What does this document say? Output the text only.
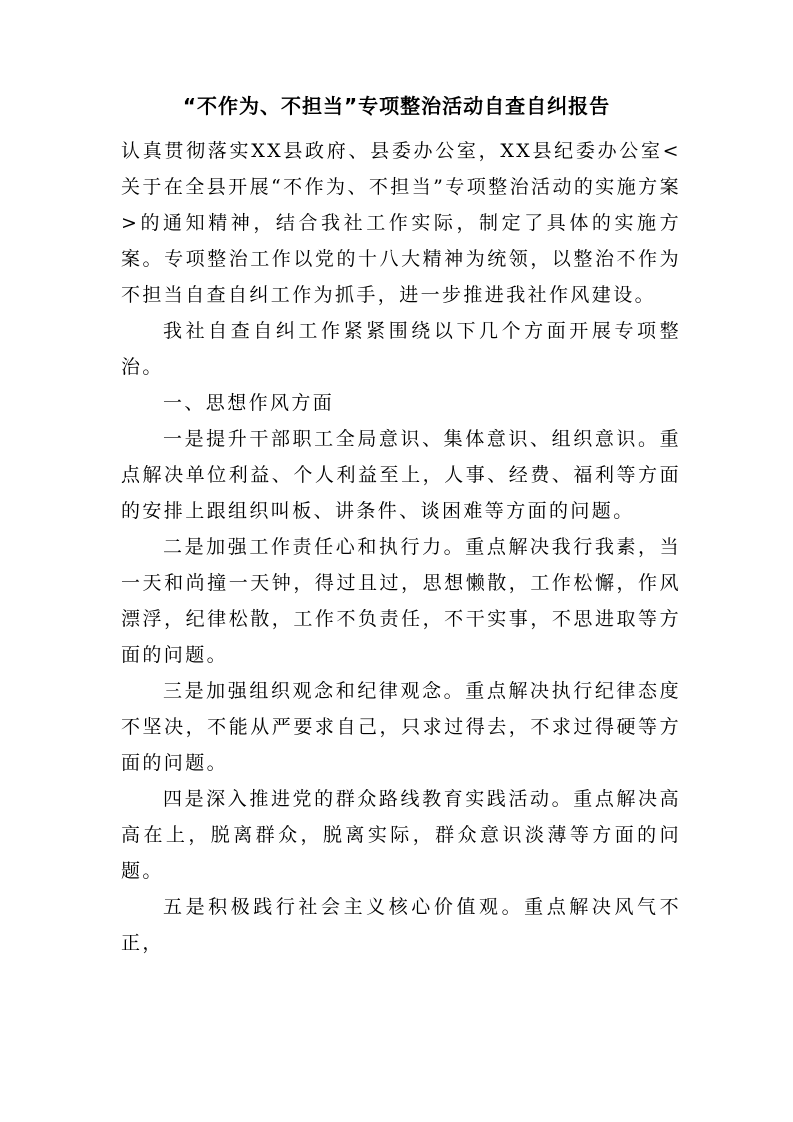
“不作为、不担当”专项整治活动自查自纠报告

认真贯彻落实XX县政府、县委办公室，XX县纪委办公室<关于在全县开展“不作为、不担当”专项整治活动的实施方案>的通知精神，结合我社工作实际，制定了具体的实施方案。专项整治工作以党的十八大精神为统领，以整治不作为不担当自查自纠工作为抓手，进一步推进我社作风建设。

我社自查自纠工作紧紧围绕以下几个方面开展专项整治。

一、思想作风方面

一是提升干部职工全局意识、集体意识、组织意识。重点解决单位利益、个人利益至上，人事、经费、福利等方面的安排上跟组织叫板、讲条件、谈困难等方面的问题。

二是加强工作责任心和执行力。重点解决我行我素，当一天和尚撞一天钟，得过且过，思想懒散，工作松懈，作风漂浮，纪律松散，工作不负责任，不干实事，不思进取等方面的问题。

三是加强组织观念和纪律观念。重点解决执行纪律态度不坚决，不能从严要求自己，只求过得去，不求过得硬等方面的问题。

四是深入推进党的群众路线教育实践活动。重点解决高高在上，脱离群众，脱离实际，群众意识淡薄等方面的问题。

五是积极践行社会主义核心价值观。重点解决风气不正，
